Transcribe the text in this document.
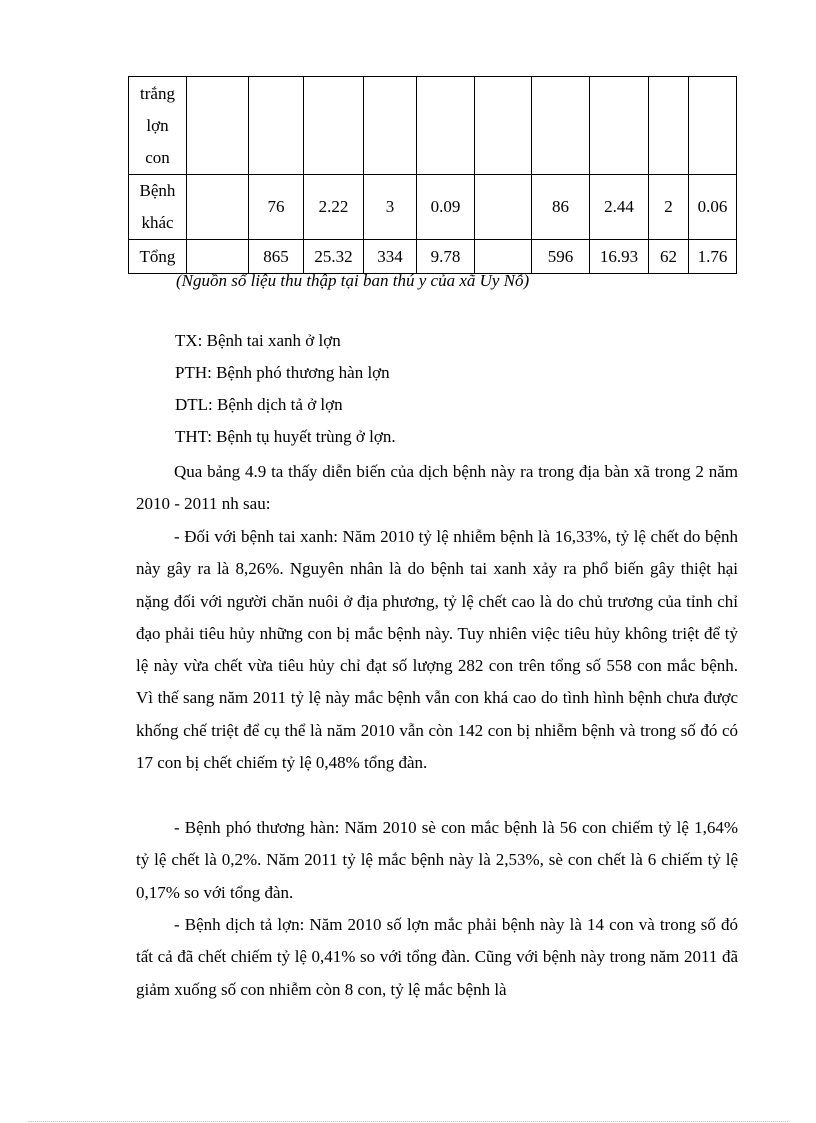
trắng
lợn
con										

Bệnh
khác		76	2.22	3	0.09		86	2.44	2	0.06

Tổng		865	25.32	334	9.78		596	16.93	62	1.76
(Nguồn số liệu thu thập tại ban thú y của xã Uy Nỗ)
TX: Bệnh tai xanh ở lợn
PTH: Bệnh phó thương hàn lợn
DTL: Bệnh dịch tả ở lợn
THT: Bệnh tụ huyết trùng ở lợn.
Qua bảng 4.9 ta thấy diễn biến của dịch bệnh này ra trong địa bàn xã trong 2 năm 2010 - 2011 nh sau:
- Đối với bệnh tai xanh: Năm 2010 tỷ lệ nhiễm bệnh là 16,33%, tỷ lệ chết do bệnh này gây ra là 8,26%. Nguyên nhân là do bệnh tai xanh xảy ra phổ biến gây thiệt hại nặng đối với người chăn nuôi ở địa phương, tỷ lệ chết cao là do chủ trương của tỉnh chỉ đạo phải tiêu hủy những con bị mắc bệnh này. Tuy nhiên việc tiêu hủy không triệt để tỷ lệ này vừa chết vừa tiêu hủy chỉ đạt số lượng 282 con trên tổng số 558 con mắc bệnh. Vì thế sang năm 2011 tỷ lệ này mắc bệnh vẫn con khá cao do tình hình bệnh chưa được khống chế triệt để cụ thể là năm 2010 vẫn còn 142 con bị nhiễm bệnh và trong số đó có 17 con bị chết chiếm tỷ lệ 0,48% tổng đàn.
- Bệnh phó thương hàn: Năm 2010 sè con mắc bệnh là 56 con chiếm tỷ lệ 1,64% tỷ lệ chết là 0,2%. Năm 2011 tỷ lệ mắc bệnh này là 2,53%, sè con chết là 6 chiếm tỷ lệ 0,17% so với tổng đàn.
- Bệnh dịch tả lợn: Năm 2010 số lợn mắc phải bệnh này là 14 con và trong số đó tất cả đã chết chiếm tỷ lệ 0,41% so với tổng đàn. Cũng với bệnh này trong năm 2011 đã giảm xuống số con nhiễm còn 8 con, tỷ lệ mắc bệnh là
